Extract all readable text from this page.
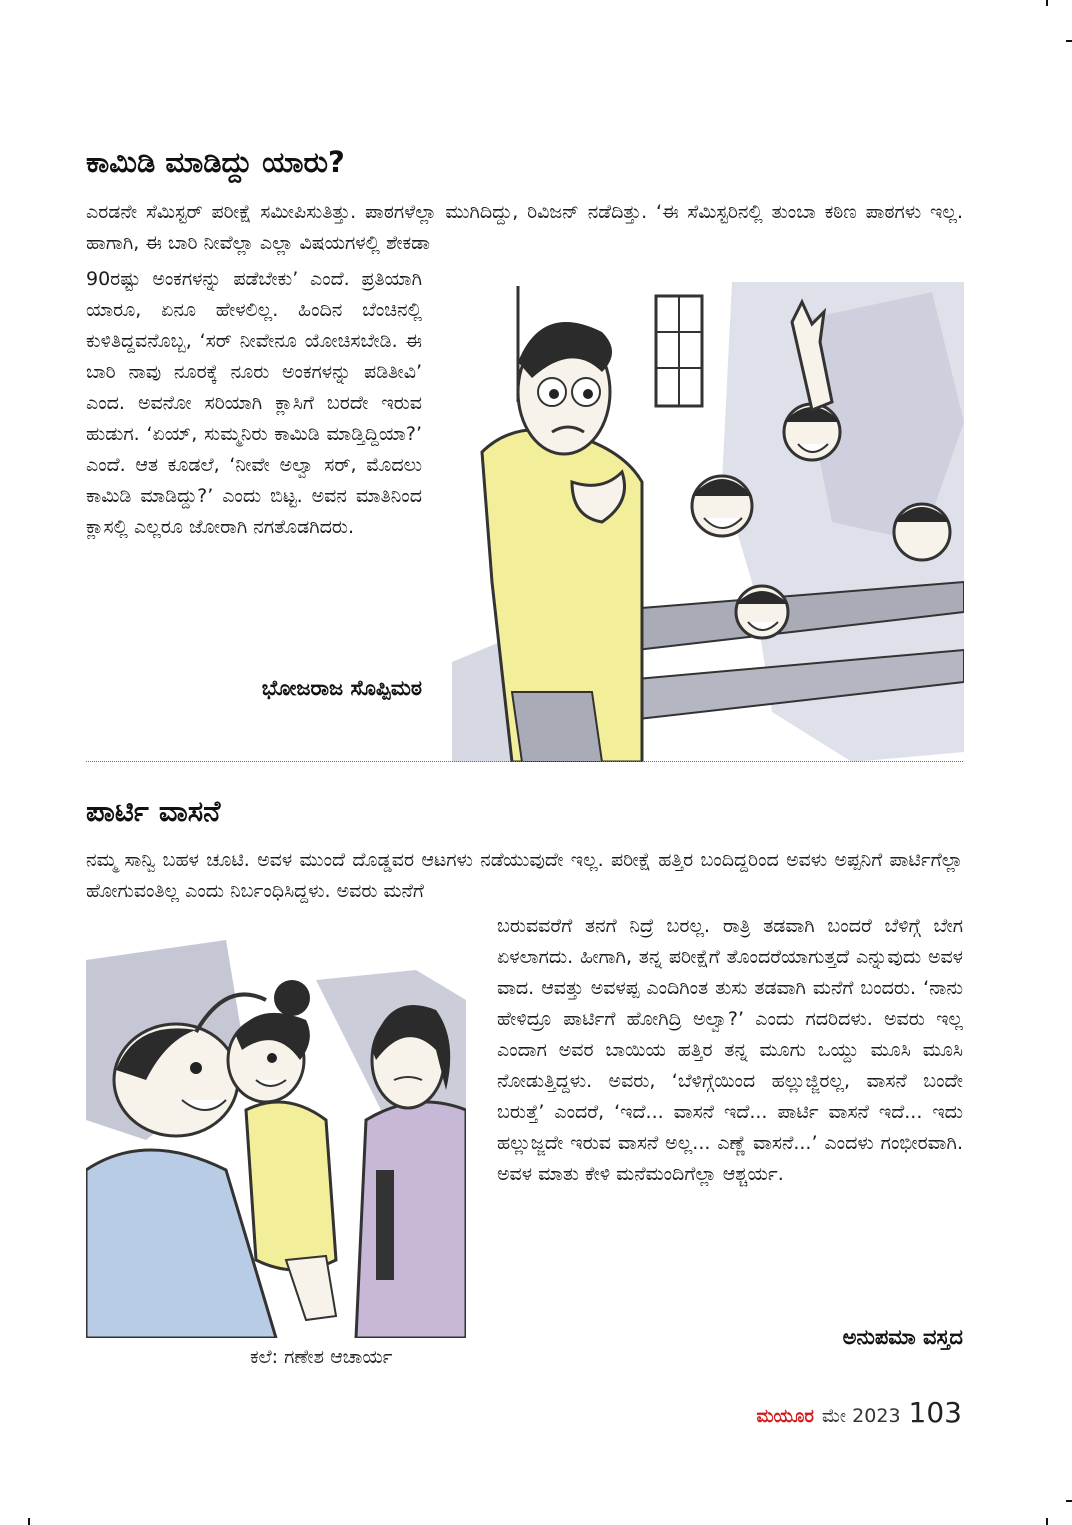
ಕಾಮಿಡಿ ಮಾಡಿದ್ದು ಯಾರು?

ಎರಡನೇ ಸೆಮಿಸ್ಟರ್ ಪರೀಕ್ಷೆ ಸಮೀಪಿಸುತಿತ್ತು. ಪಾಠಗಳೆಲ್ಲಾ ಮುಗಿದಿದ್ದು, ರಿವಿಜನ್ ನಡೆದಿತ್ತು. ‘ಈ ಸೆಮಿಸ್ಟರಿನಲ್ಲಿ ತುಂಬಾ ಕಠಿಣ ಪಾಠಗಳು ಇಲ್ಲ. ಹಾಗಾಗಿ, ಈ ಬಾರಿ ನೀವೆಲ್ಲಾ ಎಲ್ಲಾ ವಿಷಯಗಳಲ್ಲಿ ಶೇಕಡಾ

90ರಷ್ಟು ಅಂಕಗಳನ್ನು ಪಡೆಬೇಕು’ ಎಂದೆ. ಪ್ರತಿಯಾಗಿ ಯಾರೂ, ಏನೂ ಹೇಳಲಿಲ್ಲ. ಹಿಂದಿನ ಬೆಂಚಿನಲ್ಲಿ ಕುಳಿತಿದ್ದವನೊಬ್ಬ, ‘ಸರ್ ನೀವೇನೂ ಯೋಚಿಸಬೇಡಿ. ಈ ಬಾರಿ ನಾವು ನೂರಕ್ಕೆ ನೂರು ಅಂಕಗಳನ್ನು ಪಡಿತೀವಿ’ ಎಂದ. ಅವನೋ ಸರಿಯಾಗಿ ಕ್ಲಾಸಿಗೆ ಬರದೇ ಇರುವ ಹುಡುಗ. ‘ಏಯ್, ಸುಮ್ಮನಿರು ಕಾಮಿಡಿ ಮಾಡ್ತಿದ್ದಿಯಾ?’ ಎಂದೆ. ಆತ ಕೂಡಲೆ, ‘ನೀವೇ ಅಲ್ವಾ ಸರ್, ಮೊದಲು ಕಾಮಿಡಿ ಮಾಡಿದ್ದು?’ ಎಂದು ಬಿಟ್ಟ. ಅವನ ಮಾತಿನಿಂದ ಕ್ಲಾಸಲ್ಲಿ ಎಲ್ಲರೂ ಜೋರಾಗಿ ನಗತೊಡಗಿದರು.

ಭೋಜರಾಜ ಸೊಪ್ಪಿಮಠ

ಪಾರ್ಟಿ ವಾಸನೆ

ನಮ್ಮ ಸಾನ್ವಿ ಬಹಳ ಚೂಟಿ. ಅವಳ ಮುಂದೆ ದೊಡ್ಡವರ ಆಟಗಳು ನಡೆಯುವುದೇ ಇಲ್ಲ. ಪರೀಕ್ಷೆ ಹತ್ತಿರ ಬಂದಿದ್ದರಿಂದ ಅವಳು ಅಪ್ಪನಿಗೆ ಪಾರ್ಟಿಗೆಲ್ಲಾ ಹೋಗುವಂತಿಲ್ಲ ಎಂದು ನಿರ್ಬಂಧಿಸಿದ್ದಳು. ಅವರು ಮನೆಗೆ

ಬರುವವರೆಗೆ ತನಗೆ ನಿದ್ರೆ ಬರಲ್ಲ. ರಾತ್ರಿ ತಡವಾಗಿ ಬಂದರೆ ಬೆಳಿಗ್ಗೆ ಬೇಗ ಏಳಲಾಗದು. ಹೀಗಾಗಿ, ತನ್ನ ಪರೀಕ್ಷೆಗೆ ತೊಂದರೆಯಾಗುತ್ತದೆ ಎನ್ನುವುದು ಅವಳ ವಾದ. ಆವತ್ತು ಅವಳಪ್ಪ ಎಂದಿಗಿಂತ ತುಸು ತಡವಾಗಿ ಮನೆಗೆ ಬಂದರು. ‘ನಾನು ಹೇಳಿದ್ರೂ ಪಾರ್ಟಿಗೆ ಹೋಗಿದ್ರಿ ಅಲ್ವಾ?’ ಎಂದು ಗದರಿದಳು. ಅವರು ಇಲ್ಲ ಎಂದಾಗ ಅವರ ಬಾಯಿಯ ಹತ್ತಿರ ತನ್ನ ಮೂಗು ಒಯ್ದು ಮೂಸಿ ಮೂಸಿ ನೋಡುತ್ತಿದ್ದಳು. ಅವರು, ‘ಬೆಳಿಗ್ಗೆಯಿಂದ ಹಲ್ಲುಜ್ಜಿರಲ್ಲ, ವಾಸನೆ ಬಂದೇ ಬರುತ್ತೆ’ ಎಂದರೆ, ‘ಇದೆ... ವಾಸನೆ ಇದೆ... ಪಾರ್ಟಿ ವಾಸನೆ ಇದೆ... ಇದು ಹಲ್ಲುಜ್ಜದೇ ಇರುವ ವಾಸನೆ ಅಲ್ಲ... ಎಣ್ಣೆ ವಾಸನೆ...’ ಎಂದಳು ಗಂಭೀರವಾಗಿ. ಅವಳ ಮಾತು ಕೇಳಿ ಮನೆಮಂದಿಗೆಲ್ಲಾ ಆಶ್ಚರ್ಯ.

ಅನುಪಮಾ ವಸ್ತದ

ಕಲೆ: ಗಣೇಶ ಆಚಾರ್ಯ

ಮಯೂರ ಮೇ 2023 103
